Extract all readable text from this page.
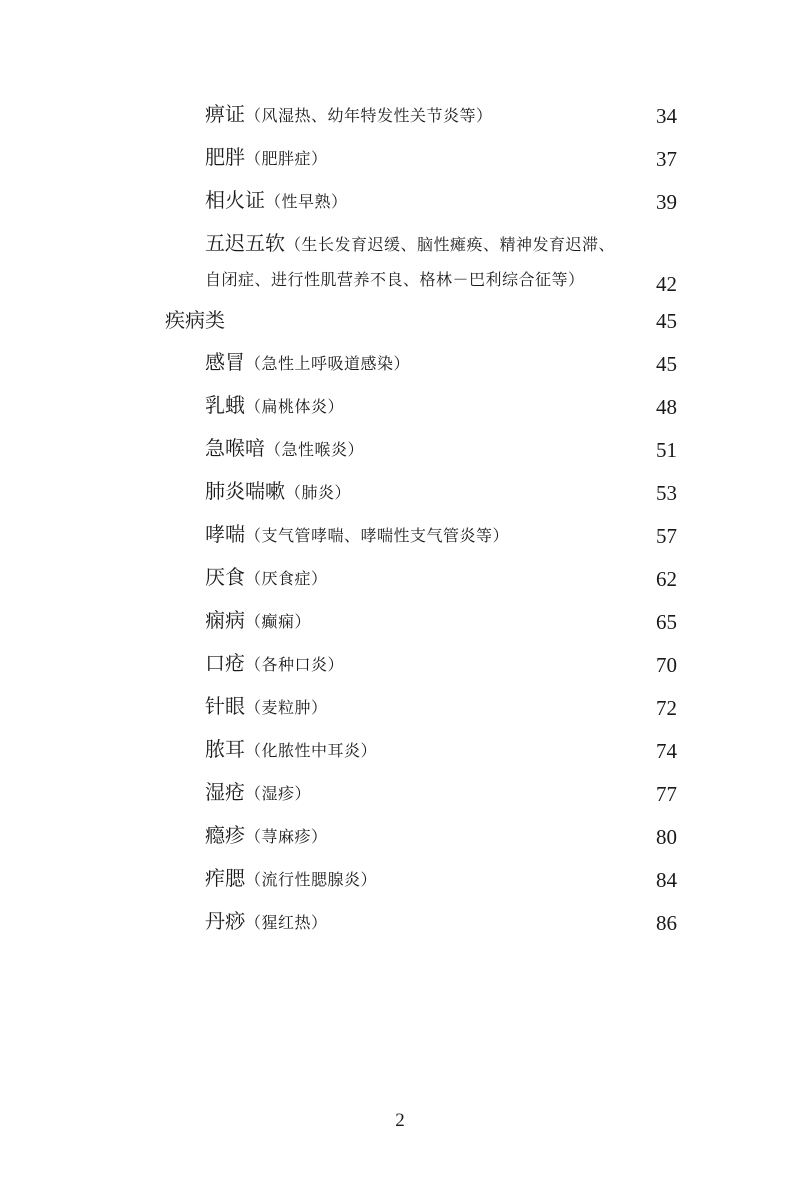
痹证（风湿热、幼年特发性关节炎等）	34
肥胖（肥胖症）	37
相火证（性早熟）	39
五迟五软（生长发育迟缓、脑性瘫痪、精神发育迟滞、
自闭症、进行性肌营养不良、格林－巴利综合征等）	42
疾病类	45
感冒（急性上呼吸道感染）	45
乳蛾（扁桃体炎）	48
急喉喑（急性喉炎）	51
肺炎喘嗽（肺炎）	53
哮喘（支气管哮喘、哮喘性支气管炎等）	57
厌食（厌食症）	62
痫病（癫痫）	65
口疮（各种口炎）	70
针眼（麦粒肿）	72
脓耳（化脓性中耳炎）	74
湿疮（湿疹）	77
瘾疹（荨麻疹）	80
痄腮（流行性腮腺炎）	84
丹痧（猩红热）	86
2
